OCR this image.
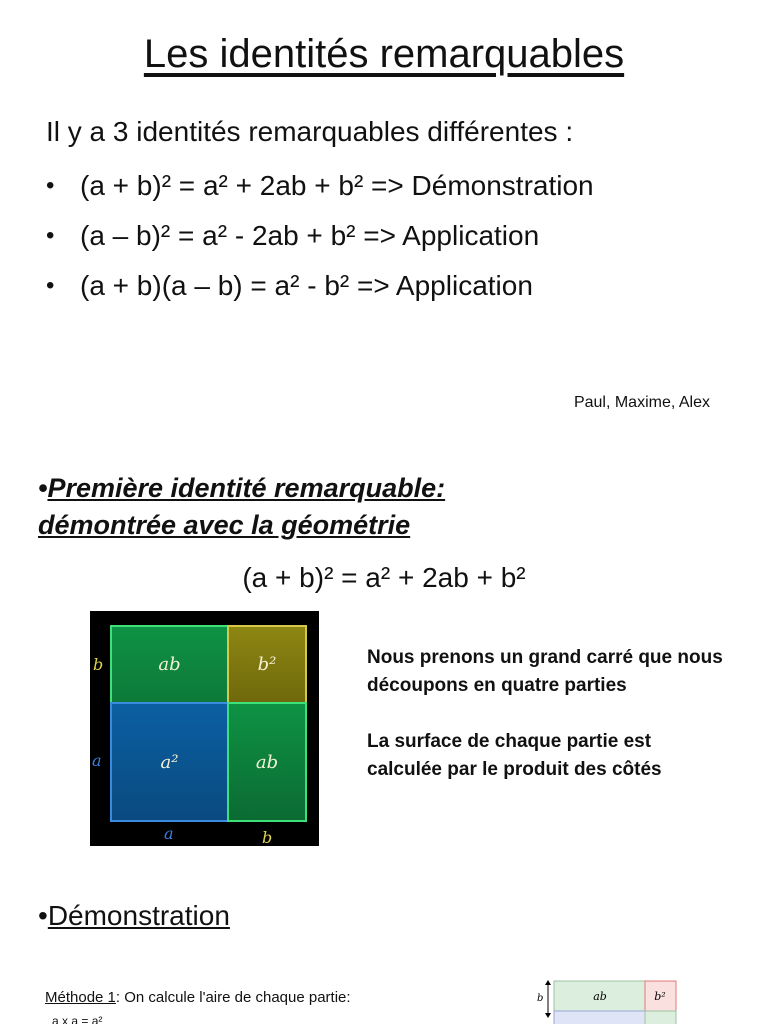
Les identités remarquables
Il y a 3 identités remarquables différentes :
• (a + b)² = a² + 2ab + b² => Démonstration
• (a – b)² = a² - 2ab + b² => Application
• (a + b)(a – b) = a² - b² => Application
Paul, Maxime, Alex
•Première identité remarquable:
démontrée avec la géométrie
(a + b)² = a² + 2ab + b²
ab	b²
a²	ab
b
a
a	b

Nous prenons un grand carré que nous découpons en quatre parties

La surface de chaque partie est calculée par le produit des côtés

•Démonstration
Méthode 1: On calcule l'aire de chaque partie:
a x a = a²
b	ab	b²
